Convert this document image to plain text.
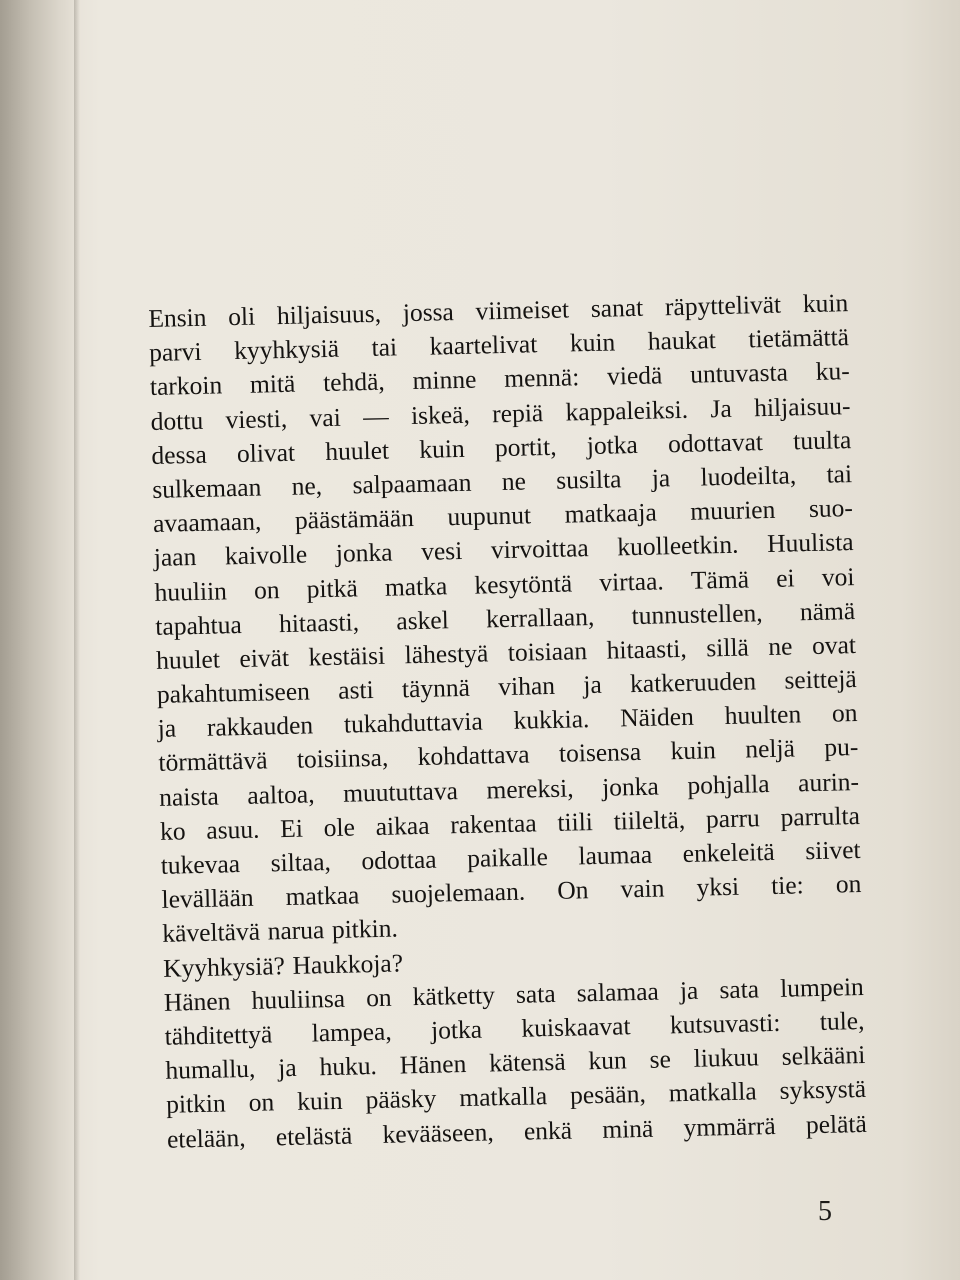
Ensin oli hiljaisuus, jossa viimeiset sanat räpyttelivät kuin
parvi kyyhkysiä tai kaartelivat kuin haukat tietämättä
tarkoin mitä tehdä, minne mennä: viedä untuvasta ku-
dottu viesti, vai — iskeä, repiä kappaleiksi. Ja hiljaisuu-
dessa olivat huulet kuin portit, jotka odottavat tuulta
sulkemaan ne, salpaamaan ne susilta ja luodeilta, tai
avaamaan, päästämään uupunut matkaaja muurien suo-
jaan kaivolle jonka vesi virvoittaa kuolleetkin. Huulista
huuliin on pitkä matka kesytöntä virtaa. Tämä ei voi
tapahtua hitaasti, askel kerrallaan, tunnustellen, nämä
huulet eivät kestäisi lähestyä toisiaan hitaasti, sillä ne ovat
pakahtumiseen asti täynnä vihan ja katkeruuden seittejä
ja rakkauden tukahduttavia kukkia. Näiden huulten on
törmättävä toisiinsa, kohdattava toisensa kuin neljä pu-
naista aaltoa, muututtava mereksi, jonka pohjalla aurin-
ko asuu. Ei ole aikaa rakentaa tiili tiileltä, parru parrulta
tukevaa siltaa, odottaa paikalle laumaa enkeleitä siivet
levällään matkaa suojelemaan. On vain yksi tie: on
käveltävä narua pitkin.
Kyyhkysiä? Haukkoja?
Hänen huuliinsa on kätketty sata salamaa ja sata lumpein
tähditettyä lampea, jotka kuiskaavat kutsuvasti: tule,
humallu, ja huku. Hänen kätensä kun se liukuu selkääni
pitkin on kuin pääsky matkalla pesään, matkalla syksystä
etelään, etelästä kevääseen, enkä minä ymmärrä pelätä
5
